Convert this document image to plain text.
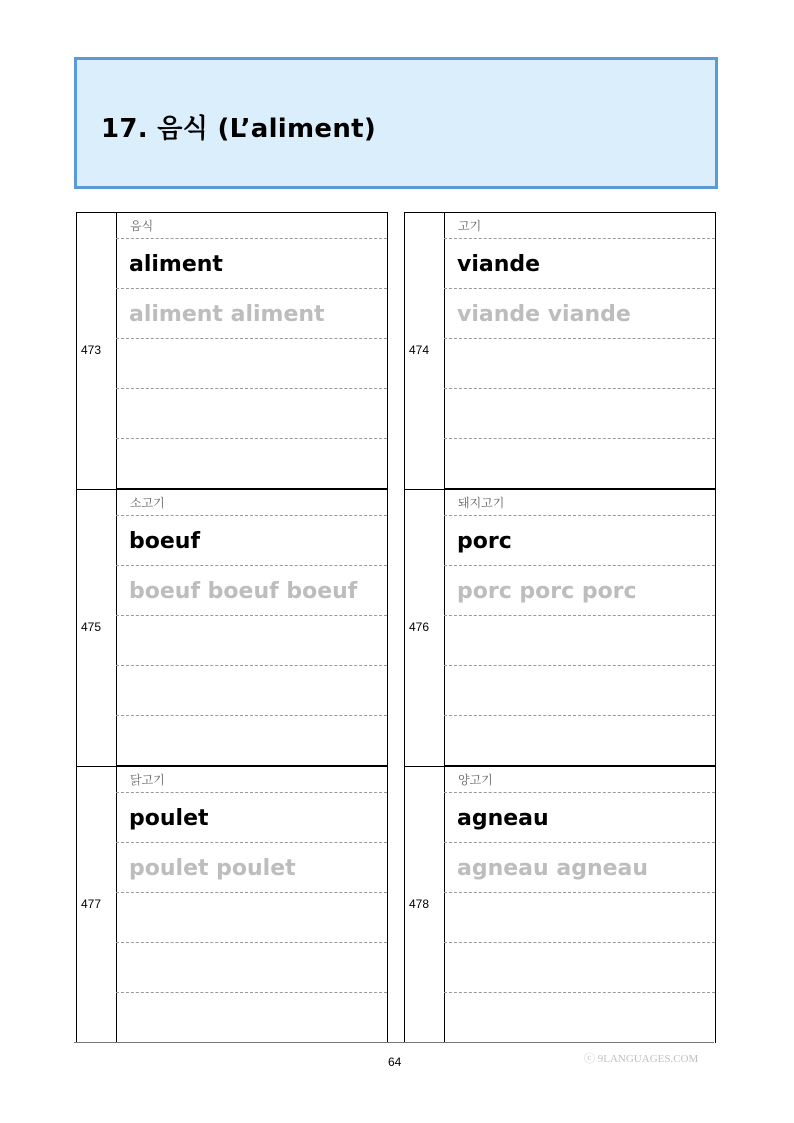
17. 음식 (L’aliment)
473
음식
aliment
aliment aliment
474
고기
viande
viande viande
475
소고기
boeuf
boeuf boeuf boeuf
476
돼지고기
porc
porc porc porc
477
닭고기
poulet
poulet poulet
478
양고기
agneau
agneau agneau
64	ⓒ 9LANGUAGES.COM
